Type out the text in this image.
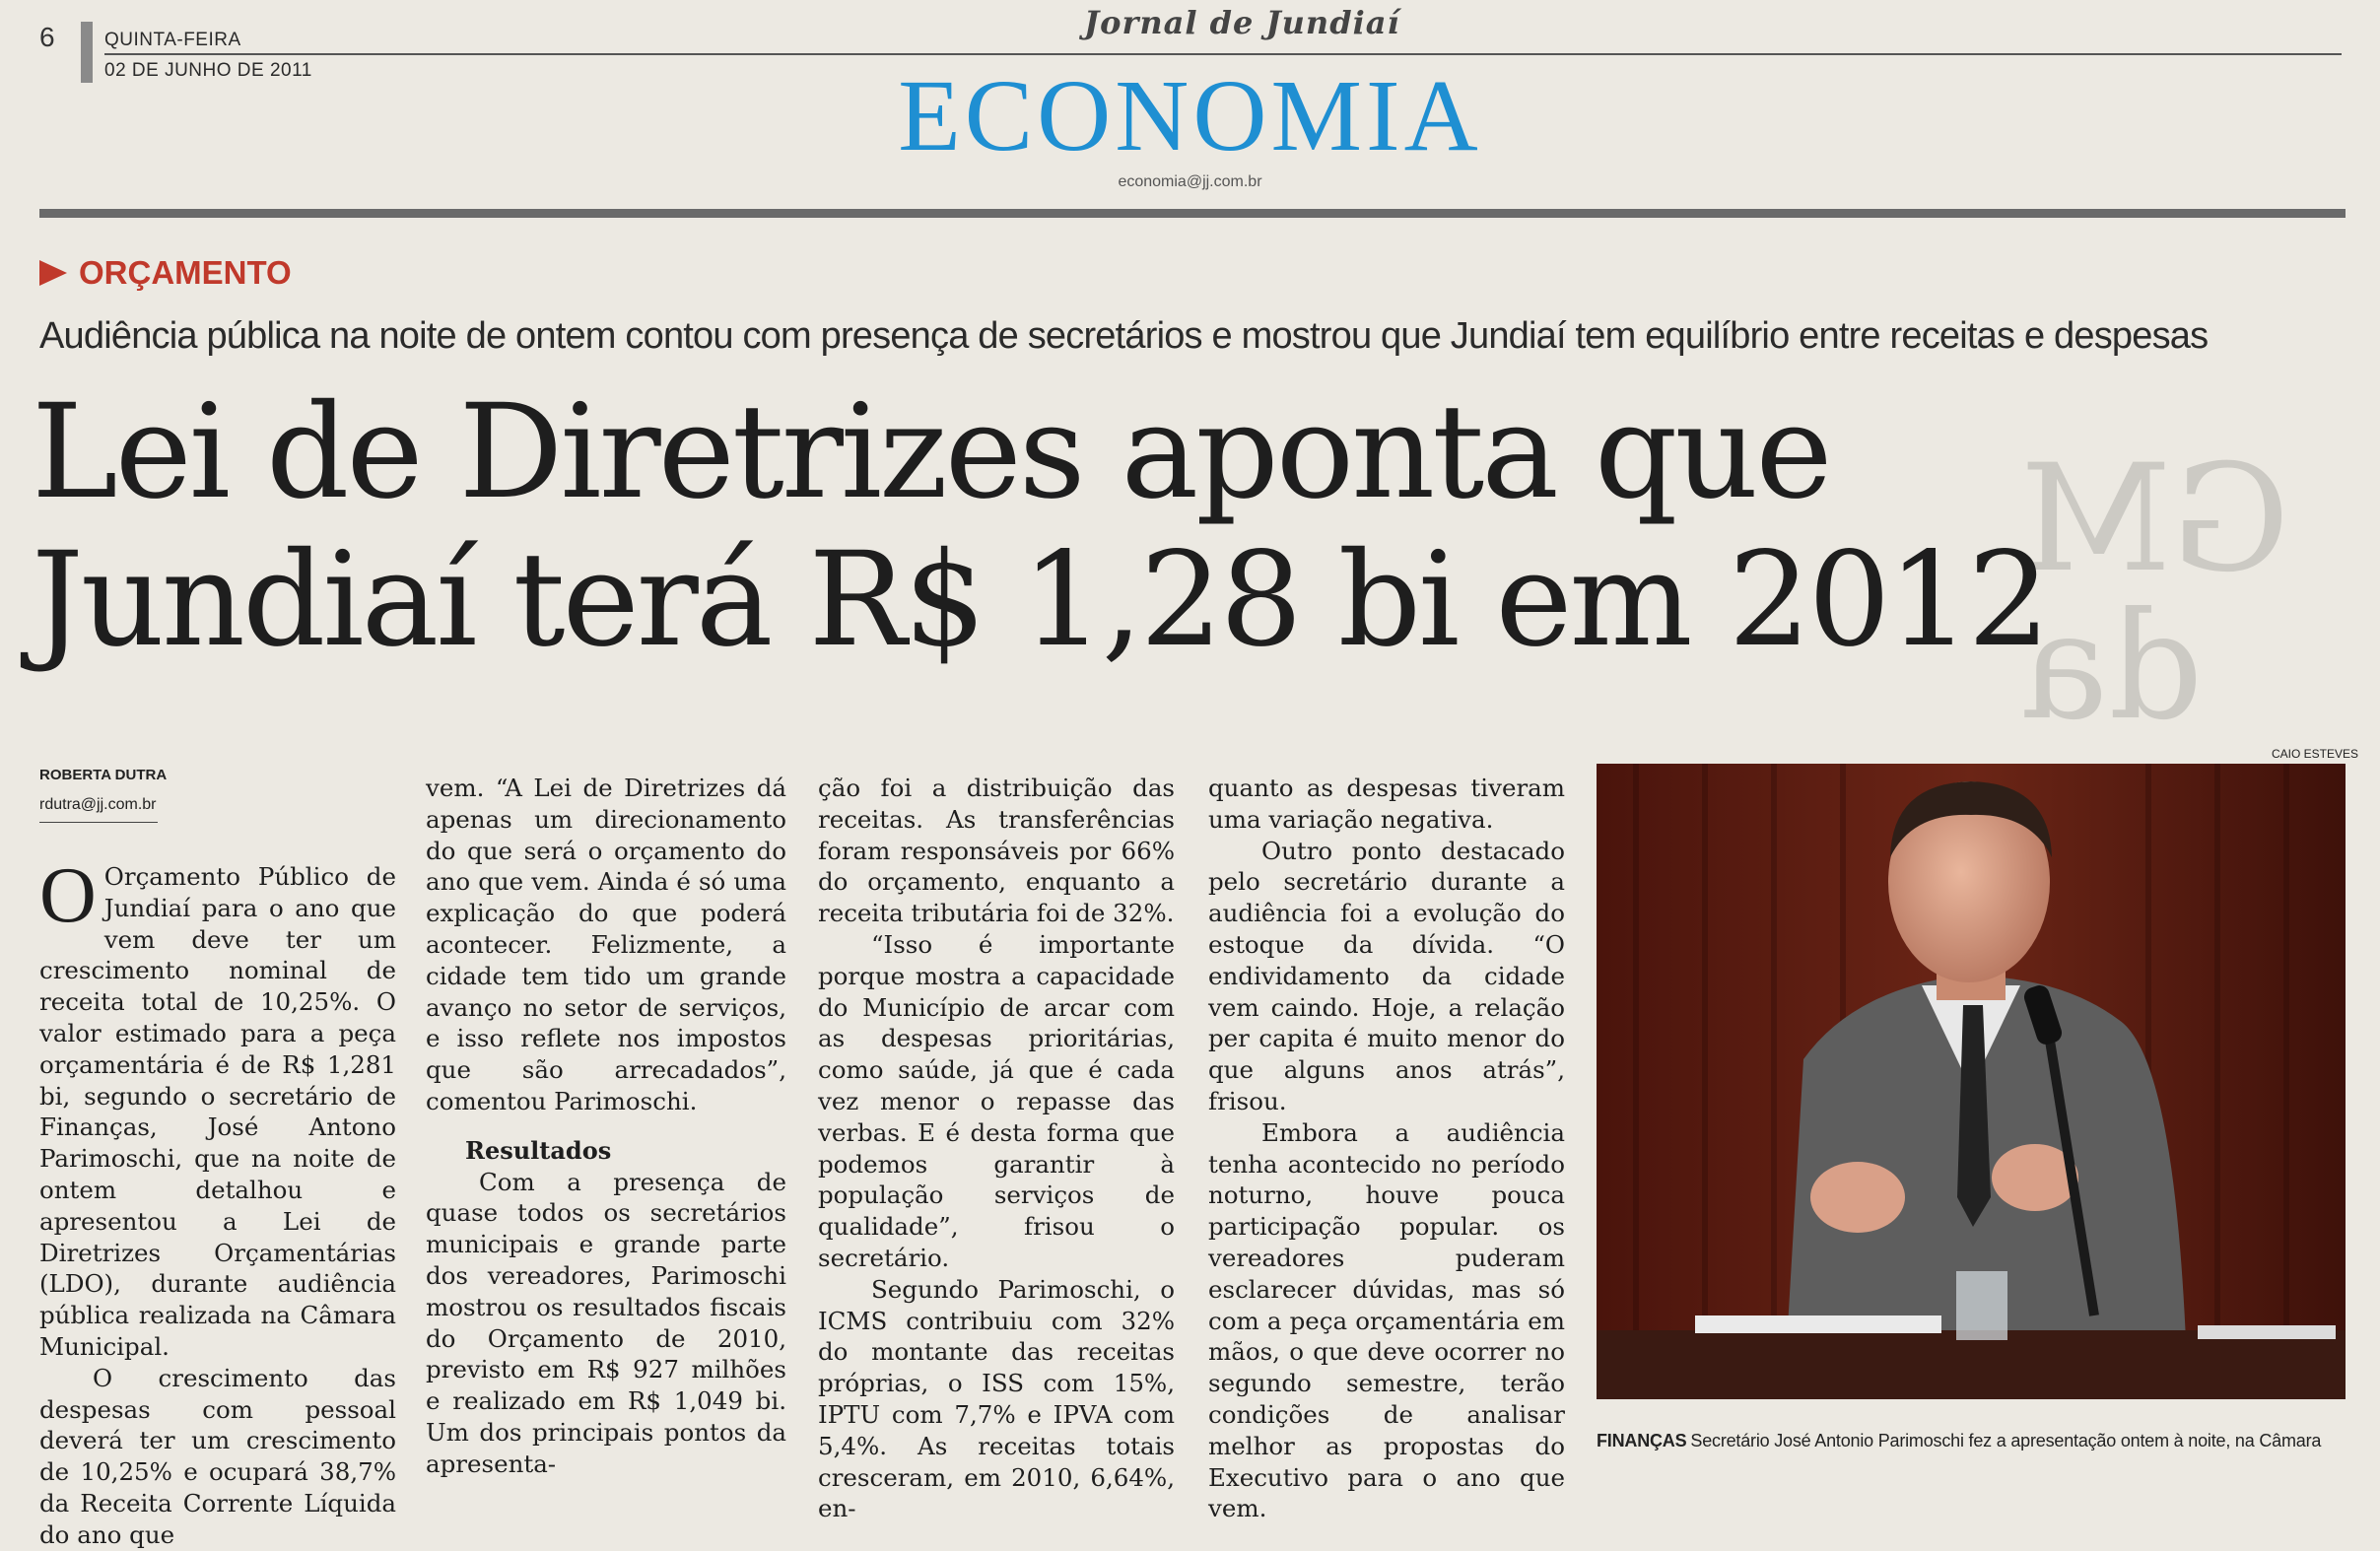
6	QUINTA-FEIRA
02 DE JUNHO DE 2011
Jornal de Jundiaí
ECONOMIA
economia@jj.com.br
GM
da
ORÇAMENTO
Audiência pública na noite de ontem contou com presença de secretários e mostrou que Jundiaí tem equilíbrio entre receitas e despesas
Lei de Diretrizes aponta que
Jundiaí terá R$ 1,28 bi em 2012
ROBERTA DUTRA
rdutra@jj.com.br

O Orçamento Público de Jundiaí para o ano que vem deve ter um crescimento nominal de receita total de 10,25%. O valor estimado para a peça orçamentária é de R$ 1,281 bi, segundo o secretário de Finanças, José Antono Parimoschi, que na noite de ontem detalhou e apresentou a Lei de Diretrizes Orçamentárias (LDO), durante audiência pública realizada na Câmara Municipal.

O crescimento das despesas com pessoal deverá ter um crescimento de 10,25% e ocupará 38,7% da Receita Corrente Líquida do ano que

vem. “A Lei de Diretrizes dá apenas um direcionamento do que será o orçamento do ano que vem. Ainda é só uma explicação do que poderá acontecer. Felizmente, a cidade tem tido um grande avanço no setor de serviços, e isso reflete nos impostos que são arrecadados”, comentou Parimoschi.

Resultados

Com a presença de quase todos os secretários municipais e grande parte dos vereadores, Parimoschi mostrou os resultados fiscais do Orçamento de 2010, previsto em R$ 927 milhões e realizado em R$ 1,049 bi. Um dos principais pontos da apresenta-

ção foi a distribuição das receitas. As transferências foram responsáveis por 66% do orçamento, enquanto a receita tributária foi de 32%.

“Isso é importante porque mostra a capacidade do Município de arcar com as despesas prioritárias, como saúde, já que é cada vez menor o repasse das verbas. E é desta forma que podemos garantir à população serviços de qualidade”, frisou o secretário.

Segundo Parimoschi, o ICMS contribuiu com 32% do montante das receitas próprias, o ISS com 15%, IPTU com 7,7% e IPVA com 5,4%. As receitas totais cresceram, em 2010, 6,64%, en-

quanto as despesas tiveram uma variação negativa.

Outro ponto destacado pelo secretário durante a audiência foi a evolução do estoque da dívida. “O endividamento da cidade vem caindo. Hoje, a relação per capita é muito menor do que alguns anos atrás”, frisou.

Embora a audiência tenha acontecido no período noturno, houve pouca participação popular. os vereadores puderam esclarecer dúvidas, mas só com a peça orçamentária em mãos, o que deve ocorrer no segundo semestre, terão condições de analisar melhor as propostas do Executivo para o ano que vem.

CAIO ESTEVES
FINANÇAS Secretário José Antonio Parimoschi fez a apresentação ontem à noite, na Câmara
